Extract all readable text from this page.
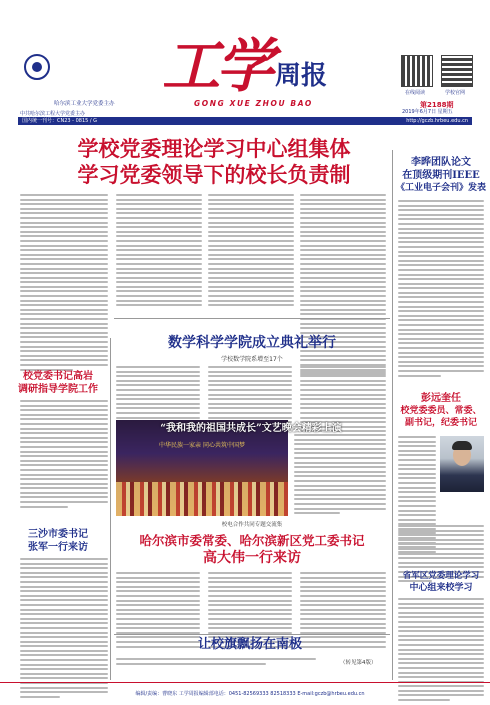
哈尔滨工业大学党委主办
中共哈尔滨工程大学党委主办
工学 周报
GONG XUE ZHOU BAO
在线阅读	学校官网
第2188期
2019年6月7日 星期五
国内统一刊号：CN23 - 0815 / G	http://gczb.hrbeu.edu.cn
学校党委理论学习中心组集体
学习党委领导下的校长负责制	李晔团队论文
在顶级期刊IEEE
《工业电子会刊》发表
彭远奎任
校党委委员、常委、
副书记，纪委书记
省军区党委理论学习
中心组来校学习
校党委书记高岩
调研指导学院工作
三沙市委书记
张军一行来访
数学科学学院成立典礼举行
学校数学院系增至17个
中华民族一家亲 同心共筑中国梦
“我和我的祖国共成长”文艺晚会精彩上演
校电合作共同专题交流集
哈尔滨市委常委、哈尔滨新区党工委书记
高大伟一行来访
让校旗飘扬在南极
（转见第4版）
编辑/责编：曹晓东 工学周报编辑部电话：0451-82569333 82518333 E-mail:gczb@hrbeu.edu.cn
